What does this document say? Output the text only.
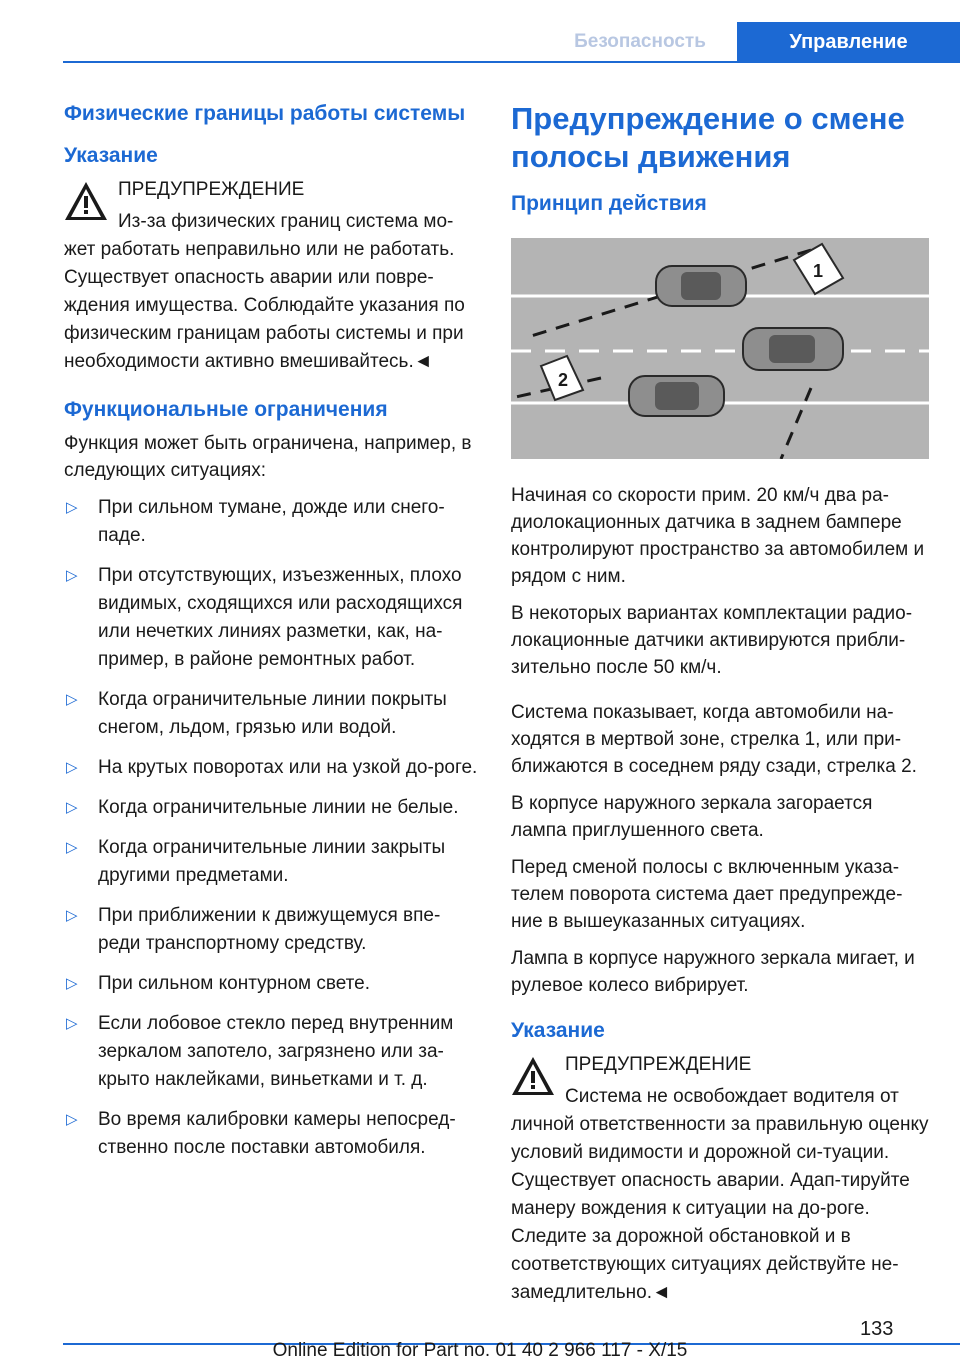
Безопасность	Управление
Физические границы работы системы
Указание
ПРЕДУПРЕЖДЕНИЕ
Из-за физических границ система мо-
жет работать неправильно или не работать. Существует опасность аварии или повре-ждения имущества. Соблюдайте указания по физическим границам работы системы и при необходимости активно вмешивайтесь.◄
Функциональные ограничения
Функция может быть ограничена, например, в следующих ситуациях:
▷ При сильном тумане, дожде или снего-паде.
▷ При отсутствующих, изъезженных, плохо видимых, сходящихся или расходящихся или нечетких линиях разметки, как, на-пример, в районе ремонтных работ.
▷ Когда ограничительные линии покрыты снегом, льдом, грязью или водой.
▷ На крутых поворотах или на узкой до-роге.
▷ Когда ограничительные линии не белые.
▷ Когда ограничительные линии закрыты другими предметами.
▷ При приближении к движущемуся впе-реди транспортному средству.
▷ При сильном контурном свете.
▷ Если лобовое стекло перед внутренним зеркалом запотело, загрязнено или за-крыто наклейками, виньетками и т. д.
▷ Во время калибровки камеры непосред-ственно после поставки автомобиля.
Предупреждение о смене полосы движения
Принцип действия
1
2
Начиная со скорости прим. 20 км/ч два ра-диолокационных датчика в заднем бампере контролируют пространство за автомобилем и рядом с ним.
В некоторых вариантах комплектации радио-локационные датчики активируются прибли-зительно после 50 км/ч.
Система показывает, когда автомобили на-ходятся в мертвой зоне, стрелка 1, или при-ближаются в соседнем ряду сзади, стрелка 2.
В корпусе наружного зеркала загорается лампа приглушенного света.
Перед сменой полосы с включенным указа-телем поворота система дает предупрежде-ние в вышеуказанных ситуациях.
Лампа в корпусе наружного зеркала мигает, и рулевое колесо вибрирует.
Указание
ПРЕДУПРЕЖДЕНИЕ
Система не освобождает водителя от
личной ответственности за правильную оценку условий видимости и дорожной си-туации. Существует опасность аварии. Адап-тируйте манеру вождения к ситуации на до-роге. Следите за дорожной обстановкой и в соответствующих ситуациях действуйте не-замедлительно.◄
133
Online Edition for Part no. 01 40 2 966 117 - X/15
